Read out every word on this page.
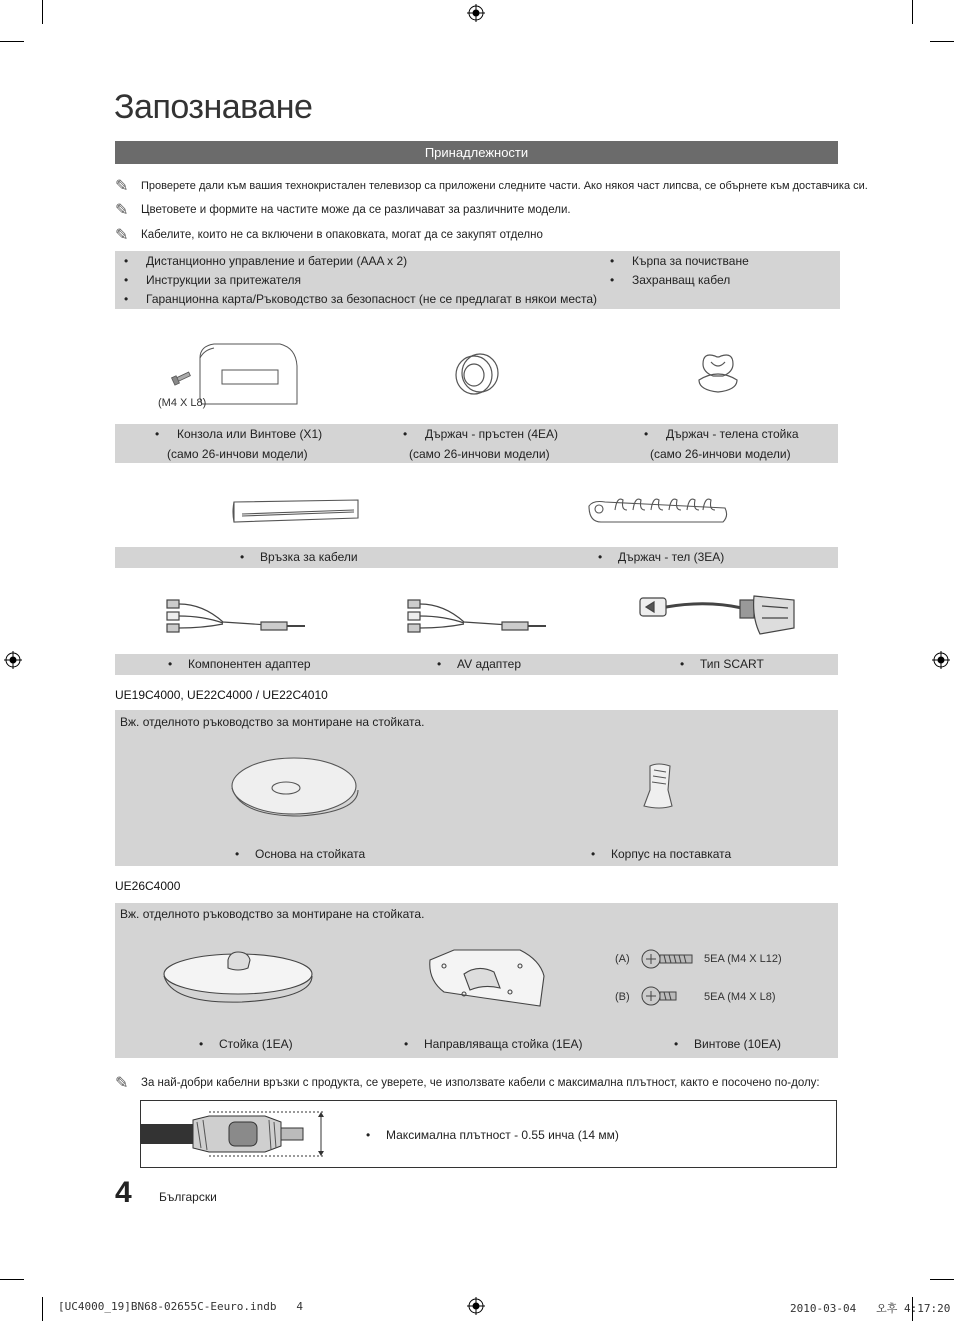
Запознаване
Принадлежности
✎	Проверете дали към вашия технокристален телевизор са приложени следните части. Ако някоя част липсва, се обърнете към доставчика си.
✎	Цветовете и формите на частите може да се различават за различните модели.
✎	Кабелите, които не са включени в опаковката, могат да се закупят отделно
• Дистанционно управление и батерии (AAA x 2)
• Инструкции за притежателя
• Гаранционна карта/Ръководство за безопасност (не се предлагат в някои места)
• Кърпа за почистване
• Захранващ кабел
(M4 X L8)
• Конзола или Винтове (X1)
(само 26-инчови модели)
• Държач - пръстен (4EA)
(само 26-инчови модели)
• Държач - телена стойка
(само 26-инчови модели)
• Връзка за кабели	• Държач - тел (3EA)
• Компонентен адаптер	• AV адаптер	• Тип SCART
UE19C4000, UE22C4000 / UE22C4010
Вж. отделното ръководство за монтиране на стойката.
• Основа на стойката	• Корпус на поставката
UE26C4000
Вж. отделното ръководство за монтиране на стойката.
(A)	5EA (M4 X L12)
(B)	5EA (M4 X L8)
• Стойка (1EA)	• Направляваща стойка (1EA)	• Винтове (10EA)
✎	За най-добри кабелни връзки с продукта, се уверете, че използвате кабели с максимална плътност, както е посочено по-долу:
• Максимална плътност - 0.55 инча (14 мм)
4 Български
[UC4000_19]BN68-02655C-Eeuro.indb   4	2010-03-04   오후 4:17:20
